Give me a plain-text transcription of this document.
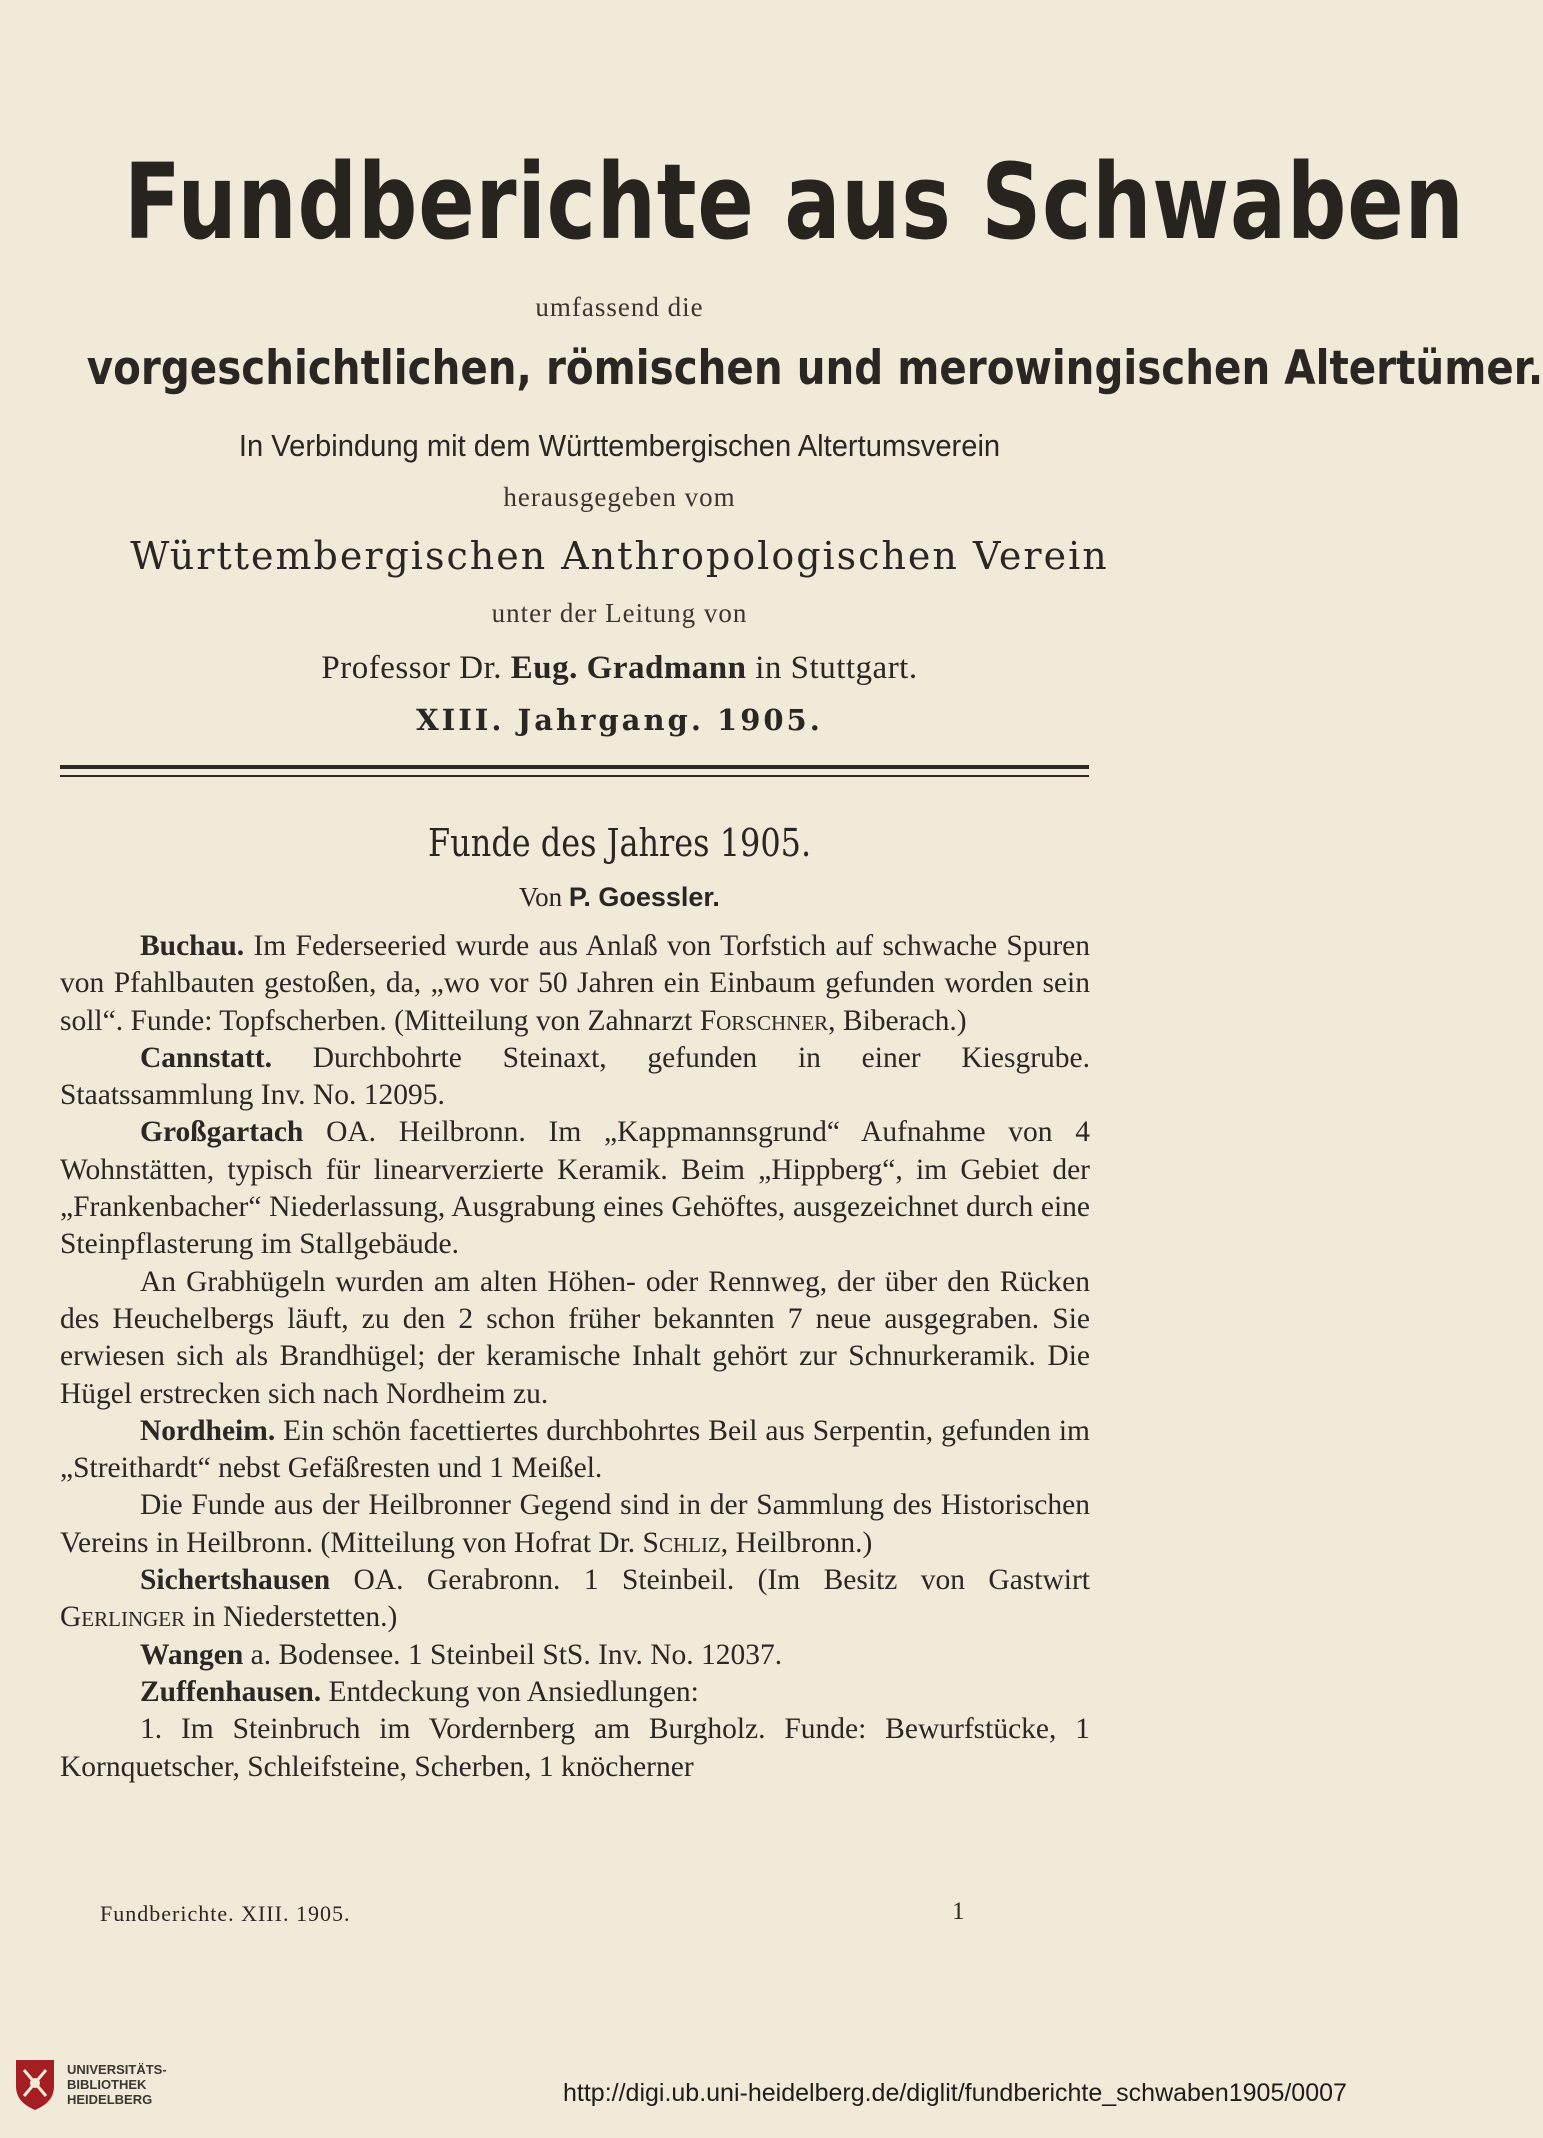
Fundberichte aus Schwaben
umfassend die
vorgeschichtlichen, römischen und merowingischen Altertümer.
In Verbindung mit dem Württembergischen Altertumsverein
herausgegeben vom
Württembergischen Anthropologischen Verein
unter der Leitung von
Professor Dr. Eug. Gradmann in Stuttgart.
XIII. Jahrgang. 1905.
Funde des Jahres 1905.
Von P. Goessler.

Buchau. Im Federseeried wurde aus Anlaß von Torfstich auf schwache Spuren von Pfahlbauten gestoßen, da, „wo vor 50 Jahren ein Einbaum gefunden worden sein soll“. Funde: Topfscherben. (Mitteilung von Zahnarzt Forschner, Biberach.)

Cannstatt. Durchbohrte Steinaxt, gefunden in einer Kiesgrube. Staatssammlung Inv. No. 12095.

Großgartach OA. Heilbronn. Im „Kappmannsgrund“ Aufnahme von 4 Wohnstätten, typisch für linearverzierte Keramik. Beim „Hippberg“, im Gebiet der „Frankenbacher“ Niederlassung, Ausgrabung eines Gehöftes, ausgezeichnet durch eine Steinpflasterung im Stallgebäude.

An Grabhügeln wurden am alten Höhen- oder Rennweg, der über den Rücken des Heuchelbergs läuft, zu den 2 schon früher bekannten 7 neue ausgegraben. Sie erwiesen sich als Brandhügel; der keramische Inhalt gehört zur Schnurkeramik. Die Hügel erstrecken sich nach Nordheim zu.

Nordheim. Ein schön facettiertes durchbohrtes Beil aus Serpentin, gefunden im „Streithardt“ nebst Gefäßresten und 1 Meißel.

Die Funde aus der Heilbronner Gegend sind in der Sammlung des Historischen Vereins in Heilbronn. (Mitteilung von Hofrat Dr. Schliz, Heilbronn.)

Sichertshausen OA. Gerabronn. 1 Steinbeil. (Im Besitz von Gastwirt Gerlinger in Niederstetten.)

Wangen a. Bodensee. 1 Steinbeil StS. Inv. No. 12037.

Zuffenhausen. Entdeckung von Ansiedlungen:

1. Im Steinbruch im Vordernberg am Burgholz. Funde: Bewurfstücke, 1 Kornquetscher, Schleifsteine, Scherben, 1 knöcherner

Fundberichte. XIII. 1905.	1
UNIVERSITÄTS-
BIBLIOTHEK
HEIDELBERG	http://digi.ub.uni-heidelberg.de/diglit/fundberichte_schwaben1905/0007
